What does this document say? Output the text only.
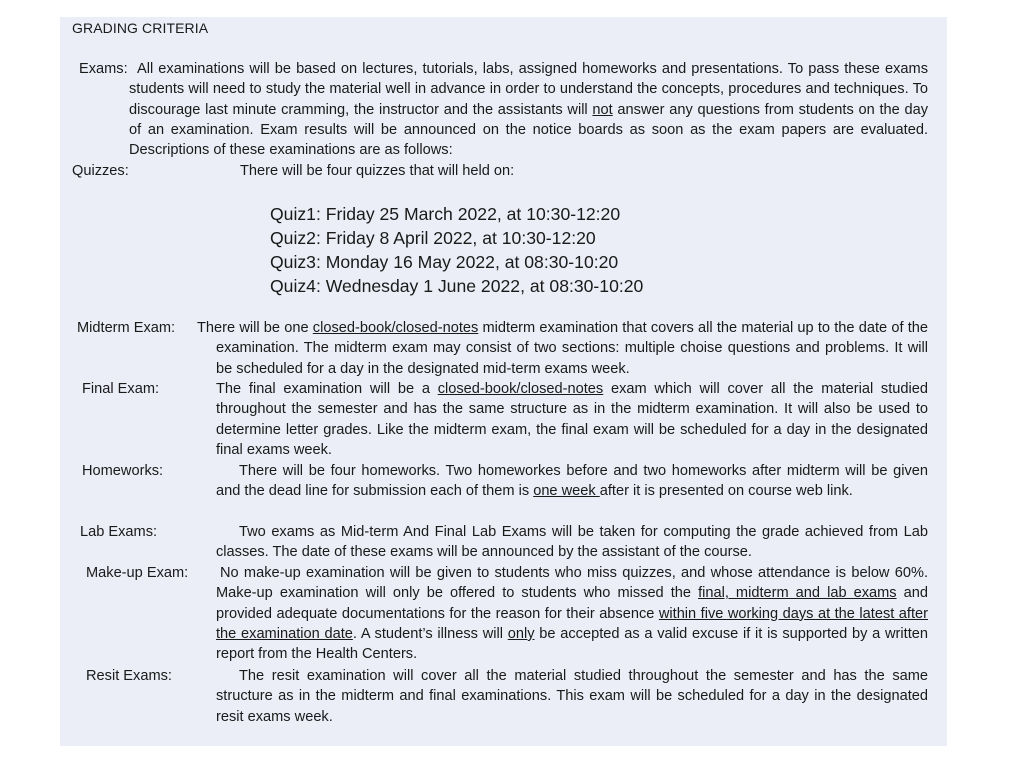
GRADING CRITERIA
Exams: All examinations will be based on lectures, tutorials, labs, assigned homeworks and presentations. To pass these exams students will need to study the material well in advance in order to understand the concepts, procedures and techniques. To discourage last minute cramming, the instructor and the assistants will not answer any questions from students on the day of an examination. Exam results will be announced on the notice boards as soon as the exam papers are evaluated. Descriptions of these examinations are as follows:
Quizzes:	There will be four quizzes that will held on:
Quiz1: Friday 25 March 2022, at 10:30-12:20
Quiz2: Friday 8 April 2022, at 10:30-12:20
Quiz3: Monday 16 May 2022, at 08:30-10:20
Quiz4: Wednesday 1 June 2022, at 08:30-10:20
Midterm Exam: There will be one closed-book/closed-notes midterm examination that covers all the material up to the date of the examination. The midterm exam may consist of two sections: multiple choise questions and problems. It will be scheduled for a day in the designated mid-term exams week.
Final Exam:	The final examination will be a closed-book/closed-notes exam which will cover all the material studied throughout the semester and has the same structure as in the midterm examination. It will also be used to determine letter grades. Like the midterm exam, the final exam will be scheduled for a day in the designated final exams week.
Homeworks:	There will be four homeworks. Two homeworkes before and two homeworks after midterm will be given and the dead line for submission each of them is one week after it is presented on course web link.
Lab Exams:	Two exams as Mid-term And Final Lab Exams will be taken for computing the grade achieved from Lab classes. The date of these exams will be announced by the assistant of the course.
Make-up Exam: No make-up examination will be given to students who miss quizzes, and whose attendance is below 60%. Make-up examination will only be offered to students who missed the final, midterm and lab exams and provided adequate documentations for the reason for their absence within five working days at the latest after the examination date. A student’s illness will only be accepted as a valid excuse if it is supported by a written report from the Health Centers.
Resit Exams:	The resit examination will cover all the material studied throughout the semester and has the same structure as in the midterm and final examinations. This exam will be scheduled for a day in the designated resit exams week.
